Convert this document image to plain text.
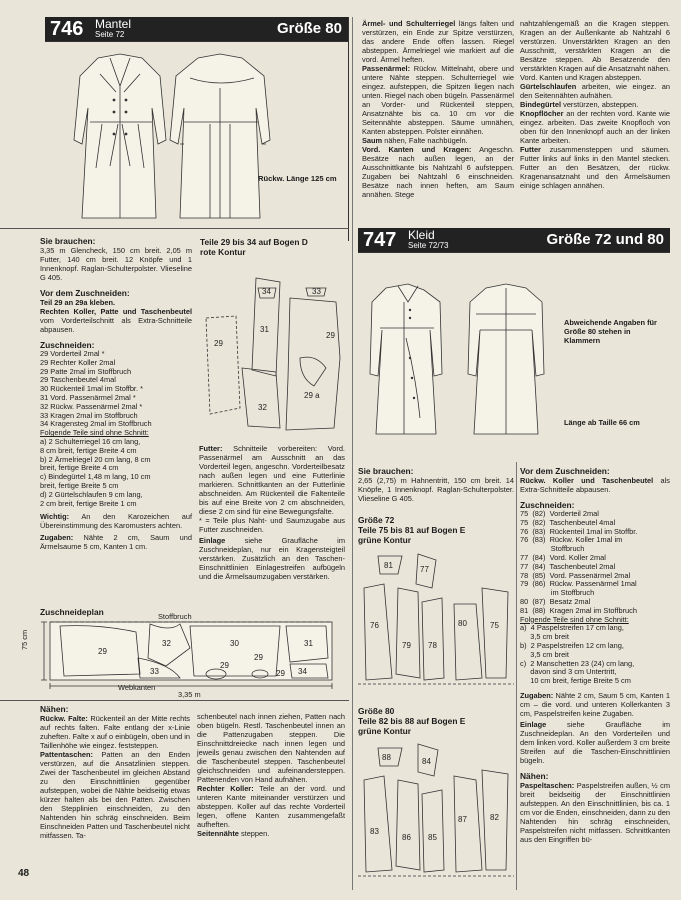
746 Mantel
Seite 72	Größe 80
Rückw. Länge 125 cm
Sie brauchen:
3,35 m Glencheck, 150 cm breit. 2,05 m Futter, 140 cm breit. 12 Knöpfe und 1 Innenknopf. Raglan-Schulterpolster. Vlieseline G 405.
Vor dem Zuschneiden:
Teil 29 an 29a kleben.
Rechten Koller, Patte und Taschenbeutel vom Vorderteilschnitt als Extra-Schnitteile abpausen.
Zuschneiden:
29 Vorderteil 2mal *
29 Rechter Koller 2mal
29 Patte 2mal im Stoffbruch
29 Taschenbeutel 4mal
30 Rückenteil 1mal im Stoffbr. *
31 Vord. Passenärmel 2mal *
32 Rückw. Passenärmel 2mal *
33 Kragen 2mal im Stoffbruch
34 Kragensteg 2mal im Stoffbruch
Folgende Teile sind ohne Schnitt:
a) 2 Schulterriegel 16 cm lang,
8 cm breit, fertige Breite 4 cm
b) 2 Ärmelriegel 20 cm lang, 8 cm
breit, fertige Breite 4 cm
c) Bindegürtel 1,48 m lang, 10 cm
breit, fertige Breite 5 cm
d) 2 Gürtelschlaufen 9 cm lang,
2 cm breit, fertige Breite 1 cm
Wichtig: An den Karozeichen auf Übereinstimmung des Karomusters achten.
Zugaben: Nähte 2 cm, Saum und Ärmelsaume 5 cm, Kanten 1 cm.
Teile 29 bis 34 auf Bogen D
rote Kontur
29
31
32
29
34	33
29 a
Futter: Schnitteile vorbereiten: Vord. Passenärmel am Ausschnitt an das Vorderteil legen, angeschn. Vorderteilbesatz nach außen legen und eine Futterlinie markieren. Schnittkanten an der Futterlinie abschneiden. Am Rückenteil die Faltenteile bis auf eine Breite von 2 cm abschneiden, diese 2 cm sind für eine Bewegungsfalte.
* = Teile plus Naht- und Saumzugabe aus Futter zuschneiden.
Einlage	siehe Graufläche im Zuschneideplan, nur ein Kragensteigteil verstärken. Zusätzlich an den Taschen-Einschnittlinien Einlagestreifen aufbügeln und die Ärmelsaumzugaben verstärken.
Zuschneideplan	Stoffbruch
29
30
29
32	31
34
33
29
29
75 cm
Webkanten
3,35 m
Nähen:
Rückw. Falte: Rückenteil an der Mitte rechts auf rechts falten. Falte entlang der x-Linie zuheften. Falte x auf o einbügeln, oben und in Taillenhöhe wie eingez. feststeppen.
Pattentaschen: Patten an den Enden verstürzen, auf die Ansatzlinien steppen. Zwei der Taschenbeutel im gleichen Abstand zu den Einschnittlinien gegenüber aufsteppen, wobei die Nähte beidseitig etwas kürzer halten als bei den Patten. Zwischen den Stepplinien einschneiden, zu den Nahtenden hin schräg einschneiden. Beim Einschneiden Patten und Taschenbeutel nicht mitfassen. Ta-
schenbeutel nach innen ziehen, Patten nach oben bügeln. Restl. Taschenbeutel innen an die Pattenzugaben steppen. Die Einschnittdreiecke nach innen legen und jeweils genau zwischen den Nahtenden auf die Taschenbeutel steppen. Taschenbeutel gleichschneiden und aufeinandersteppen. Pattenenden von Hand aufnähen.
Rechter Koller: Teile an der vord. und unteren Kante miteinander verstürzen und absteppen. Koller auf das rechte Vorderteil legen, offene Kanten zusammengefaßt aufheften.
Seitennähte steppen.
Ärmel- und Schulterriegel längs falten und verstürzen, ein Ende zur Spitze verstürzen, das andere Ende offen lassen. Riegel absteppen. Ärmelriegel wie markiert auf die vord. Ärmel heften.
Passenärmel: Rückw. Mittelnaht, obere und untere Nähte steppen. Schulterriegel wie eingez. aufsteppen, die Spitzen liegen nach unten. Riegel nach oben bügeln. Passenärmel an Vorder- und Rückenteil steppen, Ansatznähte bis ca. 10 cm vor die Seitennähte absteppen. Säume umnähen, Kanten absteppen. Polster einnähen.
Saum nähen, Falte nachbügeln.
Vord. Kanten und Kragen: Angeschn. Besätze nach außen legen, an der Ausschnittkante bis Nahtzahl 6 aufsteppen. Zugaben bei Nahtzahl 6 einschneiden. Besätze nach innen heften, am Saum annähen. Stege
nahtzahlengemäß an die Kragen steppen. Kragen an der Außenkante ab Nahtzahl 6 verstürzen. Unverstärkten Kragen an den Ausschnitt, verstärkten Kragen an die Besätze steppen. Ab Besatzende den verstärkten Kragen auf die Ansatznaht nähen. Vord. Kanten und Kragen absteppen.
Gürtelschlaufen arbeiten, wie eingez. an den Seitennähten aufnähen.
Bindegürtel verstürzen, absteppen.
Knopflöcher an der rechten vord. Kante wie eingez. arbeiten. Das zweite Knopfloch von oben für den Innenknopf auch an der linken Kante arbeiten.
Futter zusammensteppen und säumen. Futter links auf links in den Mantel stecken. Futter an den Besätzen, der rückw. Kragenansatznaht und den Ärmelsäumen einige schlagen annähen.
747 Kleid
Seite 72/73	Größe 72 und 80
Abweichende Angaben für Größe 80 stehen in Klammern
Länge ab Taille 66 cm
Sie brauchen:
2,65 (2,75) m Hahnentritt, 150 cm breit. 14 Knöpfe, 1 Innenknopf. Raglan-Schulterpolster. Vlieseline G 405.
Größe 72
Teile 75 bis 81 auf Bogen E
grüne Kontur
81	77
76
79 78
80	75
Größe 80
Teile 82 bis 88 auf Bogen E
grüne Kontur
88	84
83
86 85
87	82
Vor dem Zuschneiden:
Rückw. Koller und Taschenbeutel als Extra-Schnitteile abpausen.
Zuschneiden:
75  (82)  Vorderteil 2mal
75  (82)  Taschenbeutel 4mal
76  (83)  Rückenteil 1mal im Stoffbr.
76  (83)  Rückw. Koller 1mal im
Stoffbruch
77  (84)  Vord. Koller 2mal
77  (84)  Taschenbeutel 2mal
78  (85)  Vord. Passenärmel 2mal
79  (86)  Rückw. Passenärmel 1mal
im Stoffbruch
80  (87)  Besatz 2mal
81  (88)  Kragen 2mal im Stoffbruch
Folgende Teile sind ohne Schnitt:
a)  4 Paspelstreifen 17 cm lang,
3,5 cm breit
b)  2 Paspelstreifen 12 cm lang,
3,5 cm breit
c)  2 Manschetten 23 (24) cm lang,
davon sind 3 cm Untertritt,
10 cm breit, fertige Breite 5 cm
Zugaben: Nähte 2 cm, Saum 5 cm, Kanten 1 cm – die vord. und unteren Kollerkanten 3 cm, Paspelstreifen keine Zugaben.
Einlage	siehe Graufläche im Zuschneideplan. An den Vorderteilen und dem linken vord. Koller außerdem 3 cm breite Streifen auf die Taschen-Einschnittlinien bügeln.
Nähen:
Paspeltaschen: Paspelstreifen außen, ½ cm breit beidseitig der Einschnittlinien aufsteppen. An den Einschnittlinien, bis ca. 1 cm vor die Enden, einschneiden, dann zu den Nahtenden hin schräg einschneiden, Paspelstreifen nicht mitfassen. Schnittkanten aus den Eingriffen bü-
48
